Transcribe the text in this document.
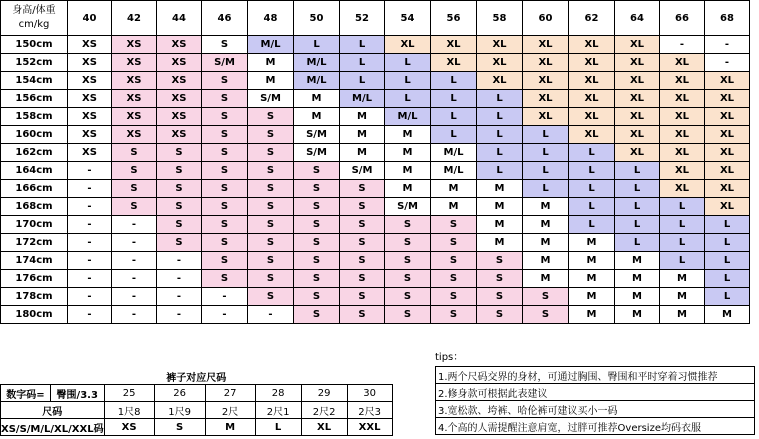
身高/体重
cm/kg	40	42	44	46	48	50	52	54	56	58	60	62	64	66	68
150cm	XS	XS	XS	S	M/L	L	L	XL	XL	XL	XL	XL	XL	-	-
152cm	XS	XS	XS	S/M	M	M/L	L	L	XL	XL	XL	XL	XL	XL	-
154cm	XS	XS	XS	S	M	M/L	L	L	L	XL	XL	XL	XL	XL	XL
156cm	XS	XS	XS	S	S/M	M	M/L	L	L	L	XL	XL	XL	XL	XL
158cm	XS	XS	XS	S	S	M	M	M/L	L	L	XL	XL	XL	XL	XL
160cm	XS	XS	XS	S	S	S/M	M	M	L	L	L	XL	XL	XL	XL
162cm	XS	S	S	S	S	S/M	M	M	M/L	L	L	L	XL	XL	XL
164cm	-	S	S	S	S	S	S/M	M	M/L	L	L	L	L	XL	XL
166cm	-	S	S	S	S	S	S	M	M	M	L	L	L	XL	XL
168cm	-	S	S	S	S	S	S	S/M	M	M	M	L	L	L	XL
170cm	-	-	S	S	S	S	S	S	S	M	M	L	L	L	L
172cm	-	-	S	S	S	S	S	S	S	M	M	M	L	L	L
174cm	-	-	-	S	S	S	S	S	S	S	M	M	M	L	L
176cm	-	-	-	S	S	S	S	S	S	S	M	M	M	M	L
178cm	-	-	-	-	S	S	S	S	S	S	S	M	M	M	L
180cm	-	-	-	-	-	S	S	S	S	S	S	M	M	M	M
裤子对应尺码							
数字码=	臀围/3.3	25	26	27	28	29	30
尺码		1尺8	1尺9	2尺	2尺1	2尺2	2尺3
XS/S/M/L/XL/XXL码		XS	S	M	L	XL	XXL
tips：
1.两个尺码交界的身材，可通过胸围、臀围和平时穿着习惯推荐
2.修身款可根据此表建议
3.宽松款、垮裤、哈伦裤可建议买小一码
4.个高的人需提醒注意肩宽，过胖可推荐Oversize均码衣服
